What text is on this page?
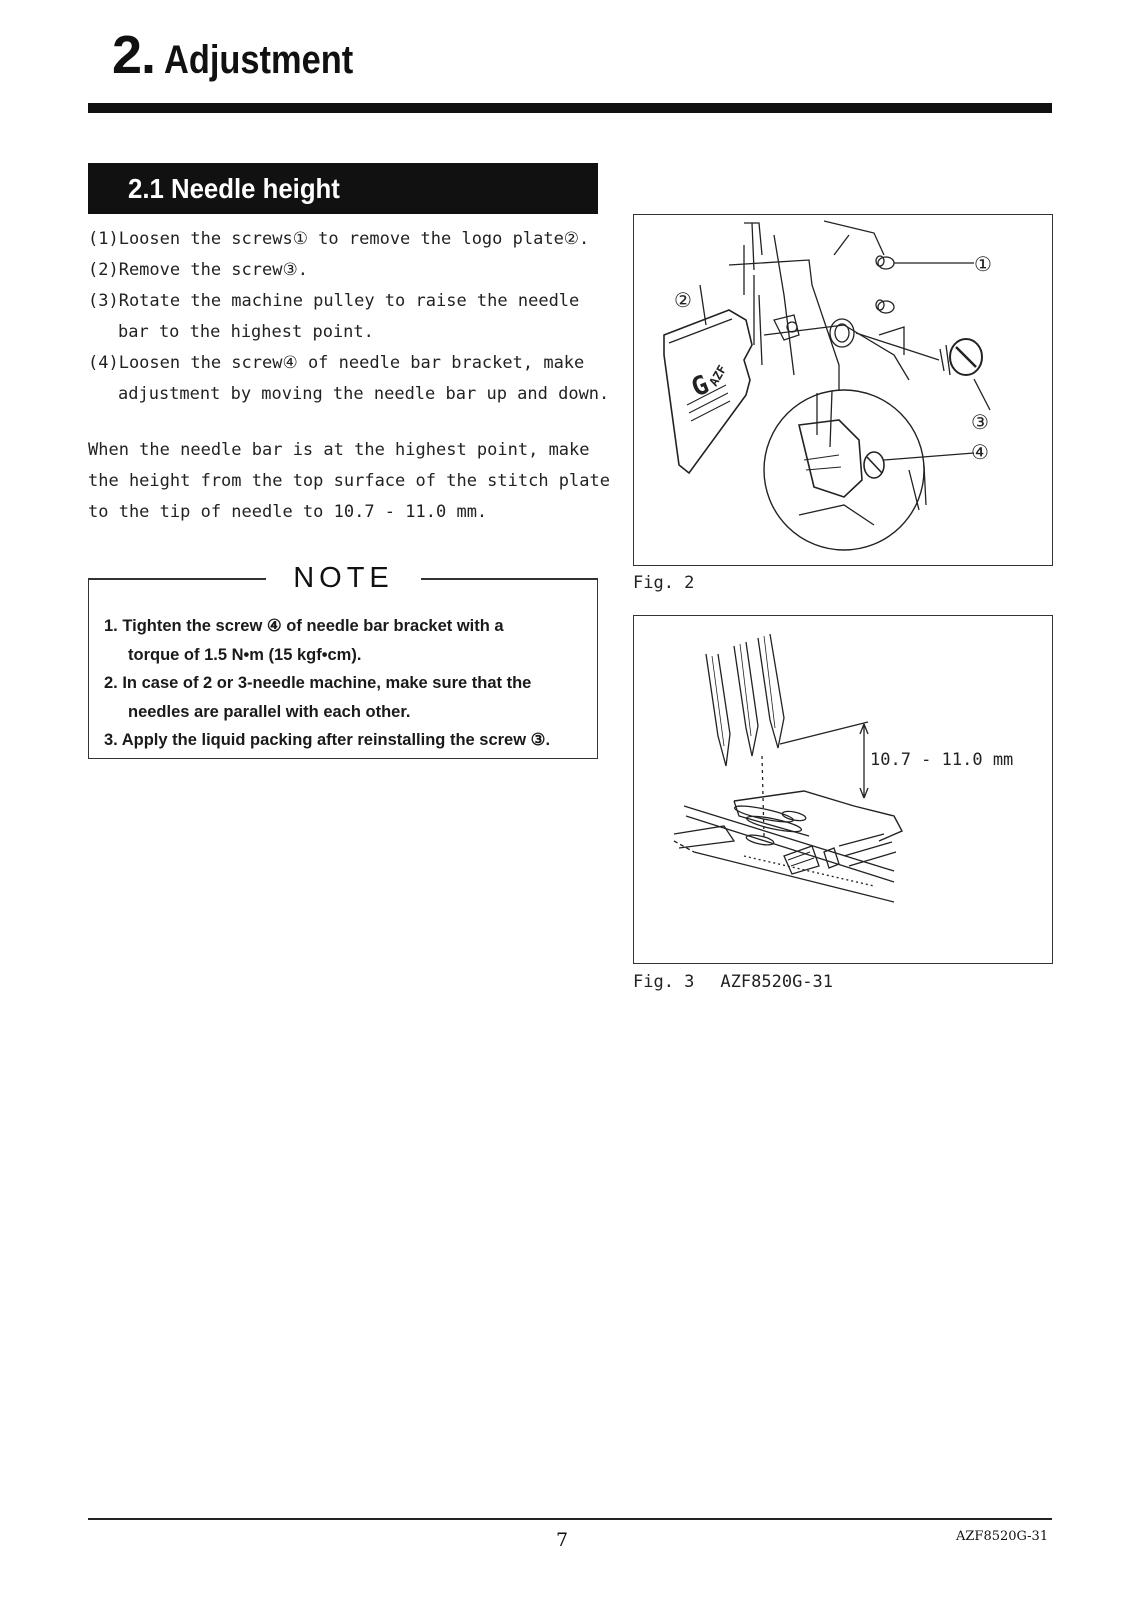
2 . Adjustment
2.1 Needle height
(1)Loosen the screws① to remove the logo plate②.
(2)Remove the screw③.
(3)Rotate the machine pulley to raise the needle
bar to the highest point.
(4)Loosen the screw④ of needle bar bracket, make
adjustment by moving the needle bar up and down.
When the needle bar is at the highest point, make
the height from the top surface of the stitch plate
to the tip of needle to 10.7 - 11.0 mm.
NOTE
1. Tighten the screw ④ of needle bar bracket with a
torque of 1.5 N•m (15 kgf•cm).
2. In case of 2 or 3-needle machine, make sure that the
needles are parallel with each other.
3. Apply the liquid packing after reinstalling the screw ③.
G
AZF
①
②
③
④
Fig. 2
10.7 - 11.0 mm
Fig. 3 AZF8520G-31
7	AZF8520G-31
